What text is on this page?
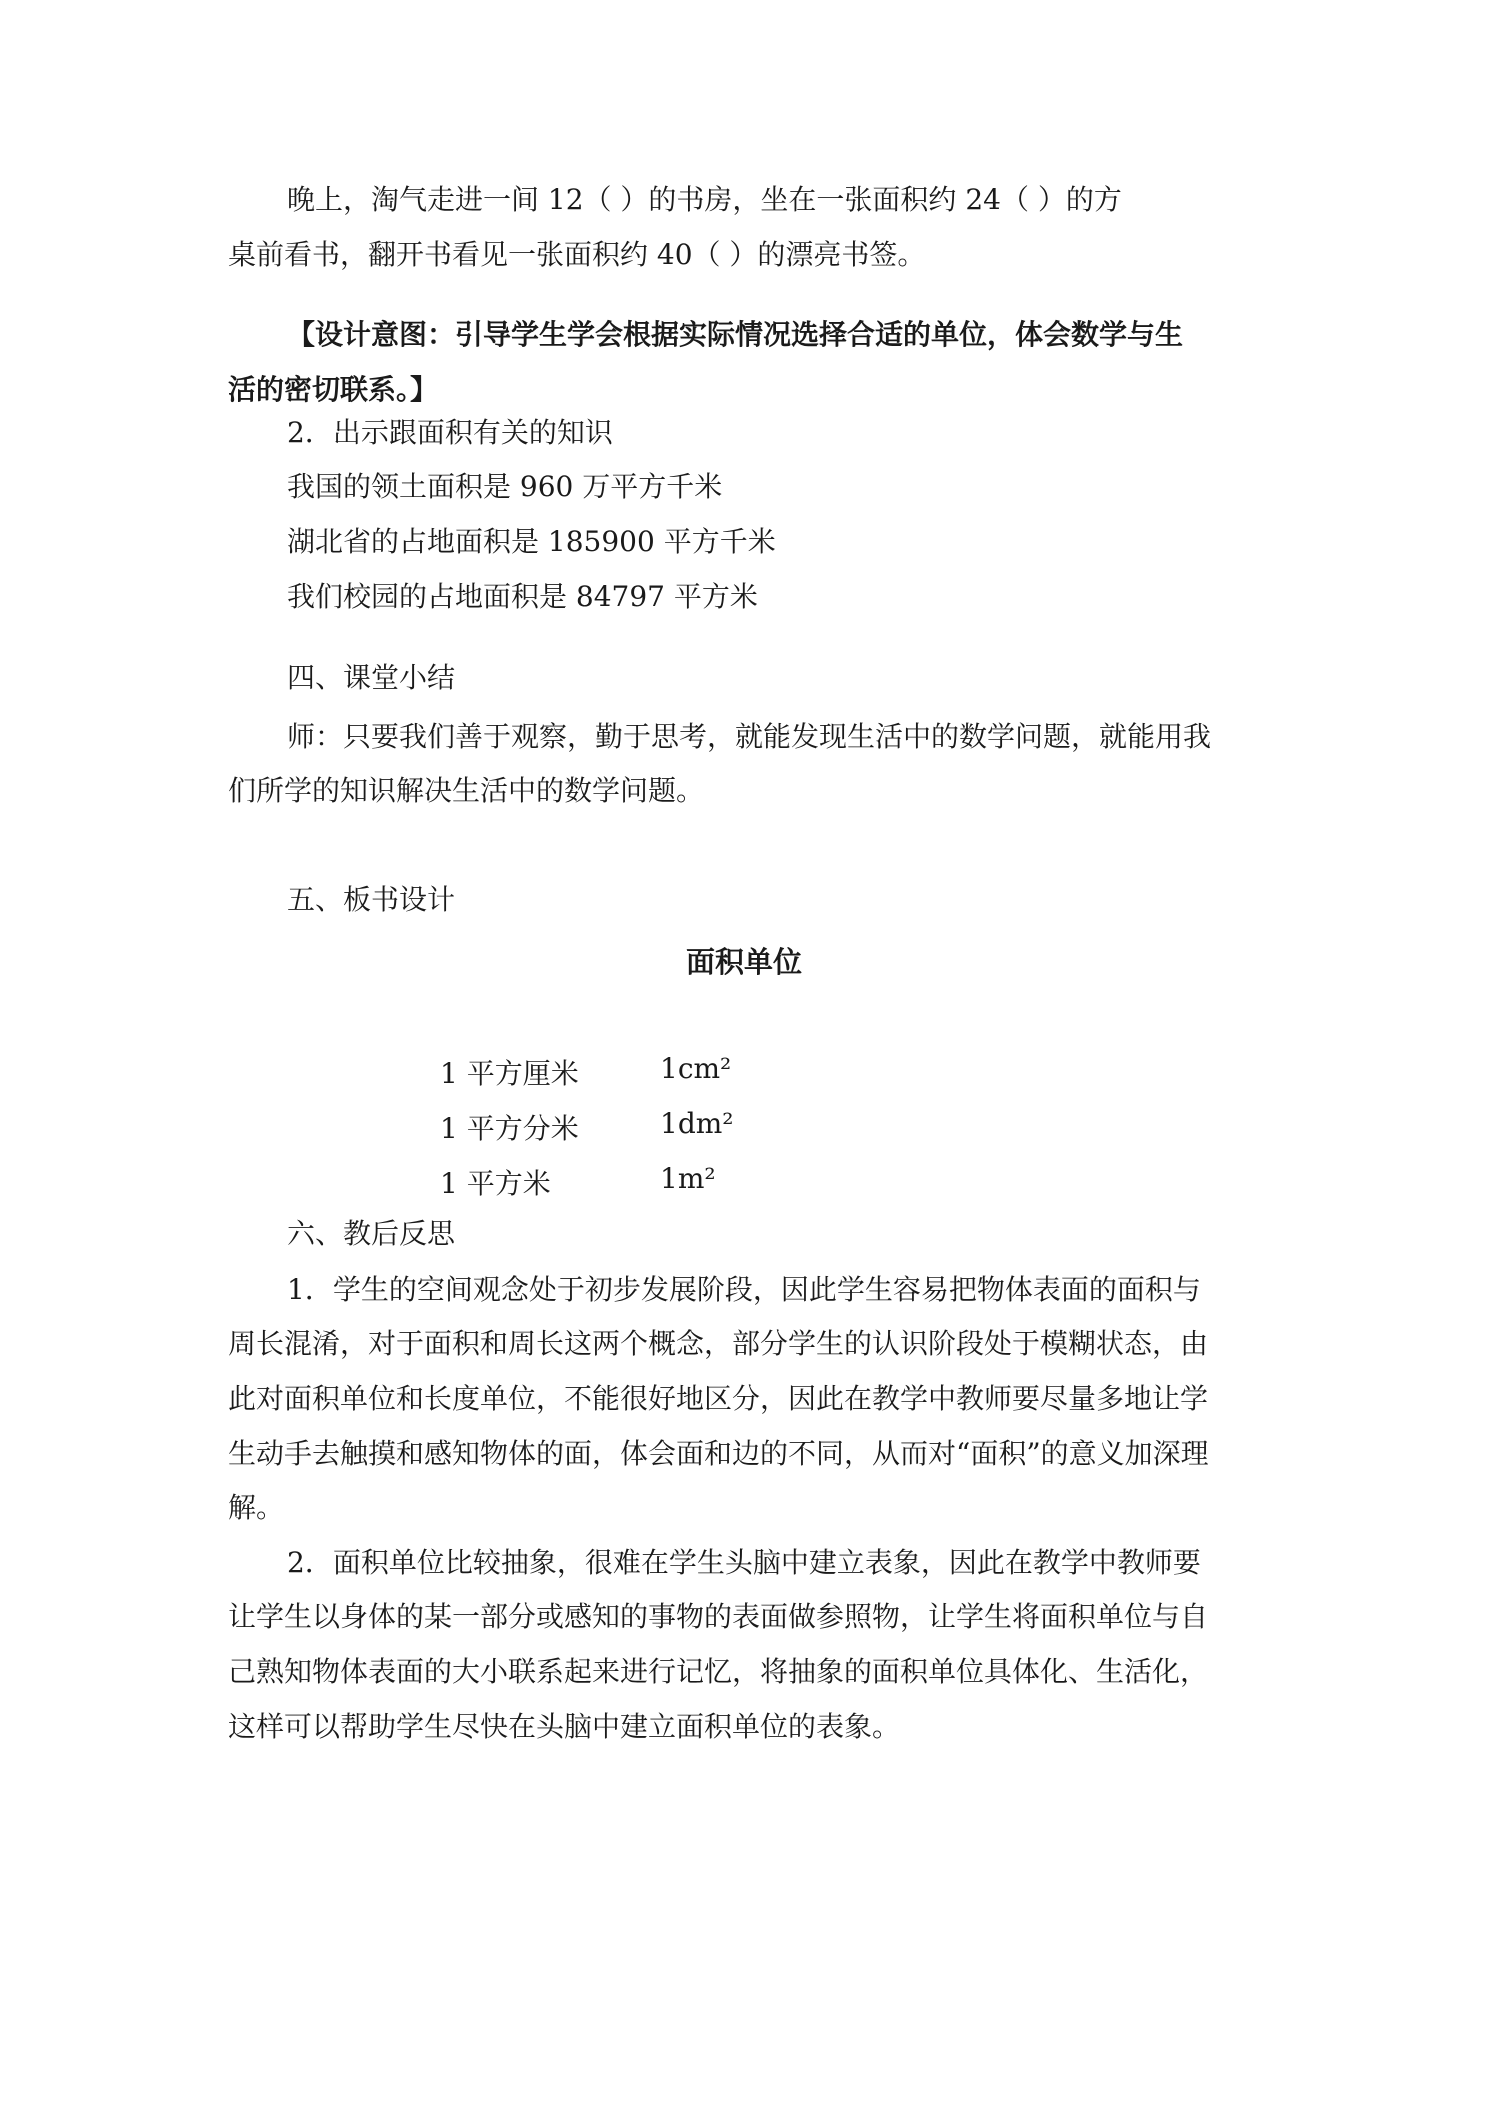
晚上，淘气走进一间 12（ ）的书房，坐在一张面积约 24（ ）的方
桌前看书，翻开书看见一张面积约 40（ ）的漂亮书签。
【设计意图：引导学生学会根据实际情况选择合适的单位，体会数学与生
活的密切联系。】
2．出示跟面积有关的知识
我国的领土面积是 960 万平方千米
湖北省的占地面积是 185900 平方千米
我们校园的占地面积是 84797 平方米
四、课堂小结
师：只要我们善于观察，勤于思考，就能发现生活中的数学问题，就能用我
们所学的知识解决生活中的数学问题。
五、板书设计
面积单位
1 平方厘米	1cm²
1 平方分米	1dm²
1 平方米	1m²
六、教后反思
1．学生的空间观念处于初步发展阶段，因此学生容易把物体表面的面积与
周长混淆，对于面积和周长这两个概念，部分学生的认识阶段处于模糊状态，由
此对面积单位和长度单位，不能很好地区分，因此在教学中教师要尽量多地让学
生动手去触摸和感知物体的面，体会面和边的不同，从而对“面积”的意义加深理
解。
2．面积单位比较抽象，很难在学生头脑中建立表象，因此在教学中教师要
让学生以身体的某一部分或感知的事物的表面做参照物，让学生将面积单位与自
己熟知物体表面的大小联系起来进行记忆，将抽象的面积单位具体化、生活化，
这样可以帮助学生尽快在头脑中建立面积单位的表象。
